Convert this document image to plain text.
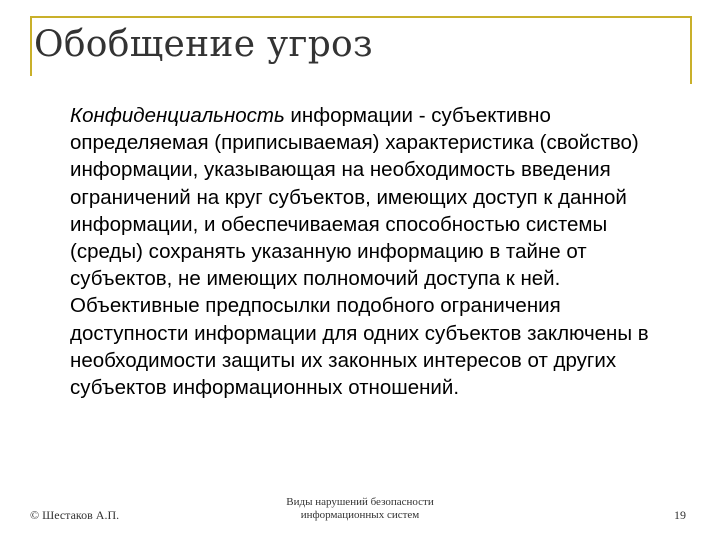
Обобщение угроз
Конфиденциальность информации - субъективно определяемая (приписываемая) характеристика (свойство) информации, указывающая на необходимость введения ограничений на круг субъектов, имеющих доступ к данной информации, и обеспечиваемая способностью системы (среды) сохранять указанную информацию в тайне от субъектов, не имеющих полномочий доступа к ней. Объективные предпосылки подобного ограничения доступности информации для одних субъектов заключены в необходимости защиты их законных интересов от других субъектов информационных отношений.
© Шестаков А.П.
Виды нарушений безопасности
информационных систем	19
